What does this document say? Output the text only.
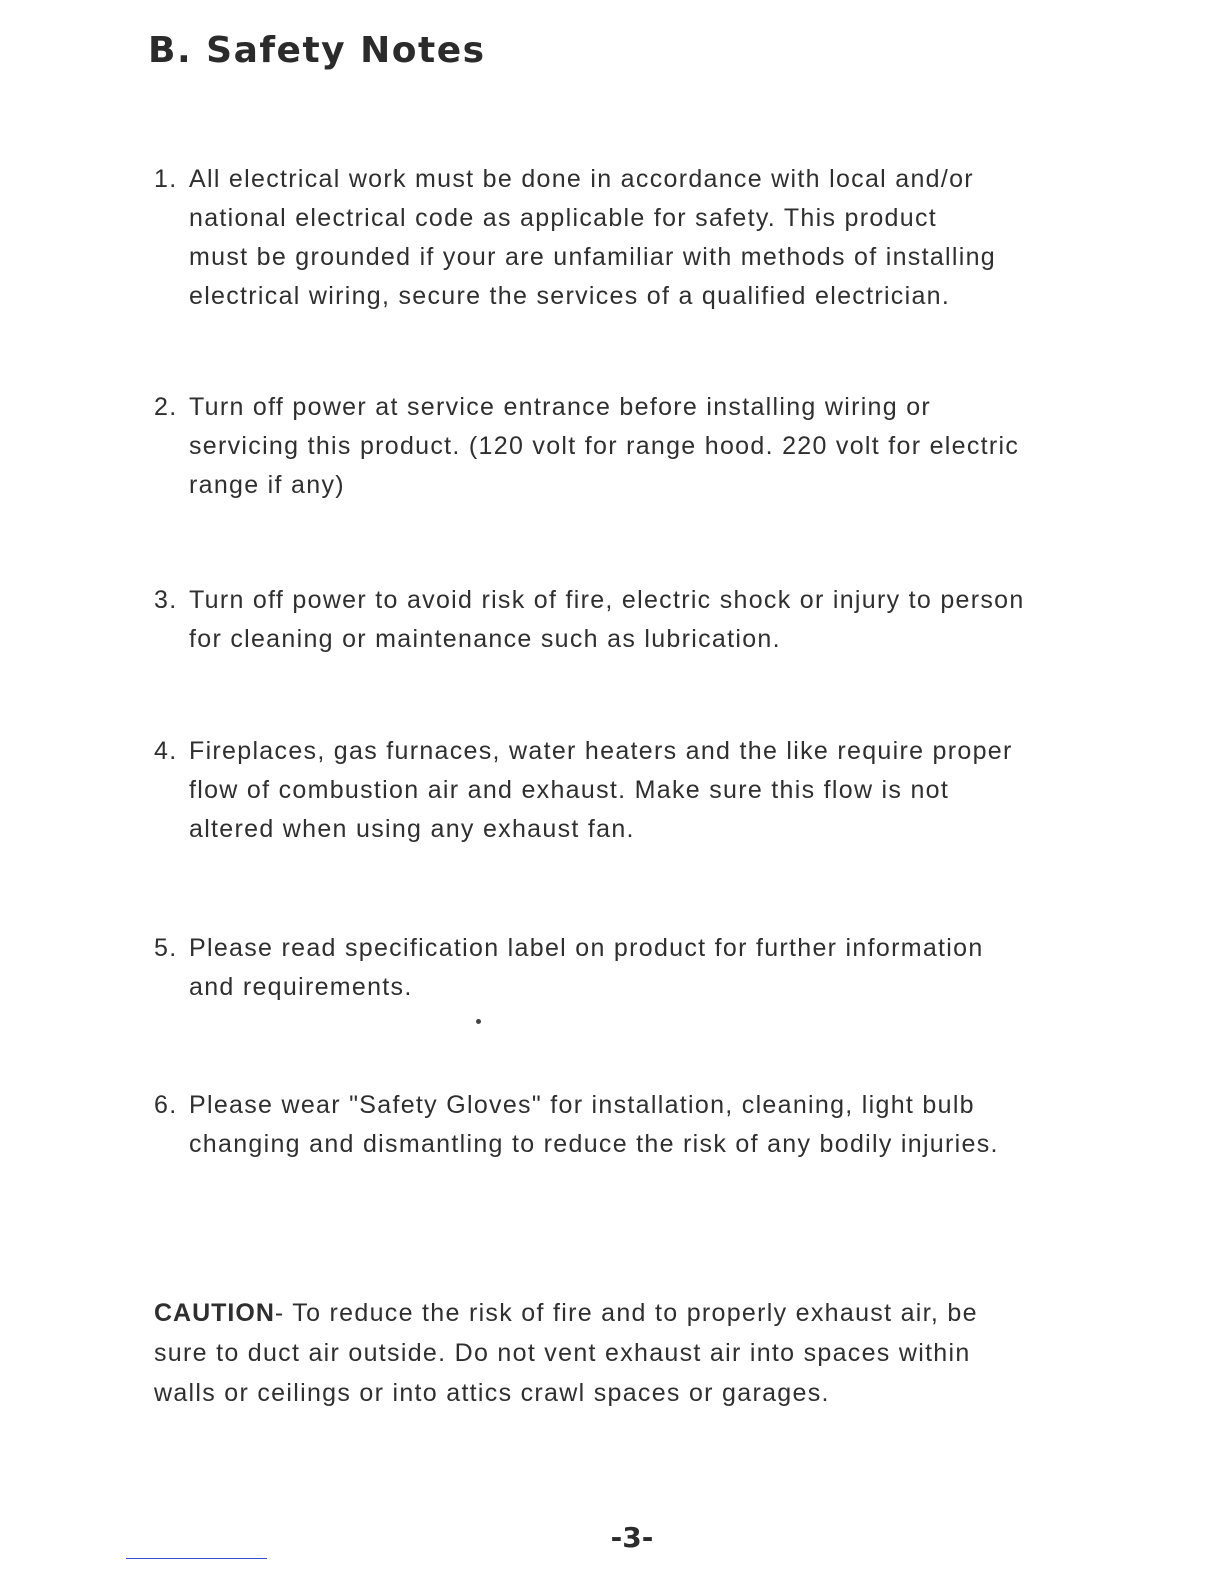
B. Safety Notes
1. All electrical work must be done in accordance with local and/or
national electrical code as applicable for safety. This product
must be grounded if your are unfamiliar with methods of installing
electrical wiring, secure the services of a qualified electrician.
2. Turn off power at service entrance before installing wiring or
servicing this product. (120 volt for range hood. 220 volt for electric
range if any)
3. Turn off power to avoid risk of fire, electric shock or injury to person
for cleaning or maintenance such as lubrication.
4. Fireplaces, gas furnaces, water heaters and the like require proper
flow of combustion air and exhaust. Make sure this flow is not
altered when using any exhaust fan.
5. Please read specification label on product for further information
and requirements.
6. Please wear "Safety Gloves" for installation, cleaning, light bulb
changing and dismantling to reduce the risk of any bodily injuries.
CAUTION- To reduce the risk of fire and to properly exhaust air, be
sure to duct air outside. Do not vent exhaust air into spaces within
walls or ceilings or into attics crawl spaces or garages.
-3-
